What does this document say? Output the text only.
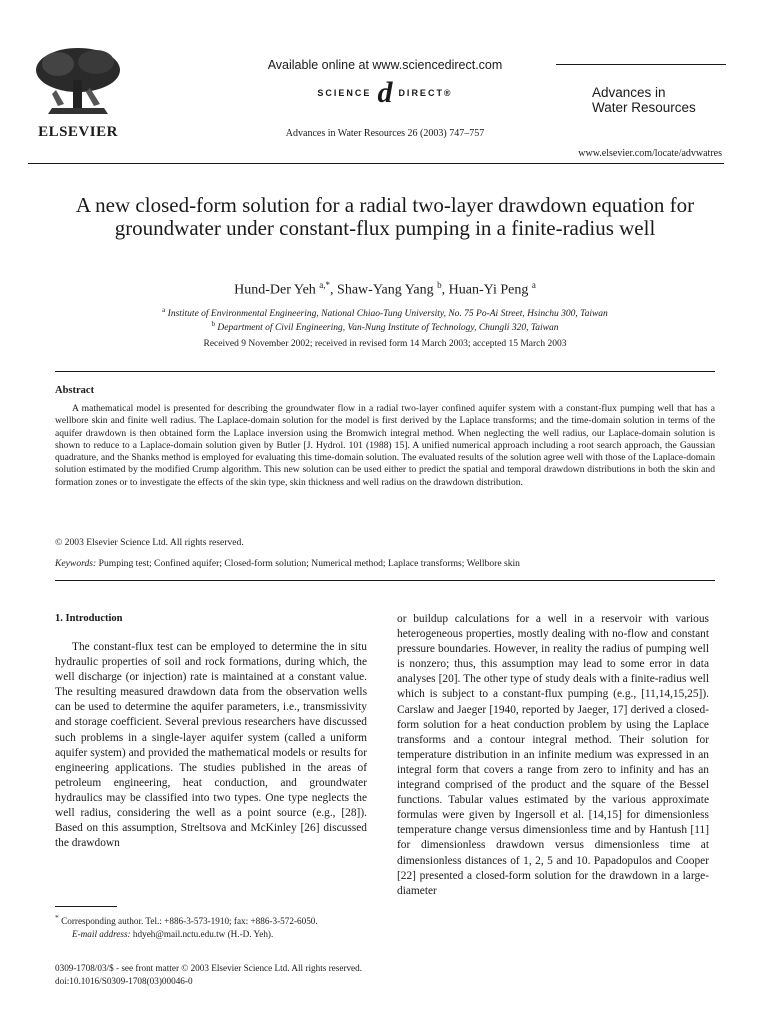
ELSEVIER
Available online at www.sciencedirect.com
SCIENCE d DIRECT®
Advances in Water Resources 26 (2003) 747–757
Advances in
Water Resources
www.elsevier.com/locate/advwatres
A new closed-form solution for a radial two-layer drawdown equation for groundwater under constant-flux pumping in a finite-radius well
Hund-Der Yeh $^{a,*}$, Shaw-Yang Yang $^b$, Huan-Yi Peng $^a$
$^a$ Institute of Environmental Engineering, National Chiao-Tung University, No. 75 Po-Ai Street, Hsinchu 300, Taiwan
$^b$ Department of Civil Engineering, Van-Nung Institute of Technology, Chungli 320, Taiwan
Received 9 November 2002; received in revised form 14 March 2003; accepted 15 March 2003
Abstract
A mathematical model is presented for describing the groundwater flow in a radial two-layer confined aquifer system with a constant-flux pumping well that has a wellbore skin and finite well radius. The Laplace-domain solution for the model is first derived by the Laplace transforms; and the time-domain solution in terms of the aquifer drawdown is then obtained form the Laplace inversion using the Bromwich integral method. When neglecting the well radius, our Laplace-domain solution is shown to reduce to a Laplace-domain solution given by Butler [J. Hydrol. 101 (1988) 15]. A unified numerical approach including a root search approach, the Gaussian quadrature, and the Shanks method is employed for evaluating this time-domain solution. The evaluated results of the solution agree well with those of the Laplace-domain solution estimated by the modified Crump algorithm. This new solution can be used either to predict the spatial and temporal drawdown distributions in both the skin and formation zones or to investigate the effects of the skin type, skin thickness and well radius on the drawdown distribution.
© 2003 Elsevier Science Ltd. All rights reserved.
Keywords: Pumping test; Confined aquifer; Closed-form solution; Numerical method; Laplace transforms; Wellbore skin
1. Introduction
The constant-flux test can be employed to determine the in situ hydraulic properties of soil and rock formations, during which, the well discharge (or injection) rate is maintained at a constant value. The resulting measured drawdown data from the observation wells can be used to determine the aquifer parameters, i.e., transmissivity and storage coefficient. Several previous researchers have discussed such problems in a single-layer aquifer system (called a uniform aquifer system) and provided the mathematical models or results for engineering applications. The studies published in the areas of petroleum engineering, heat conduction, and groundwater hydraulics may be classified into two types. One type neglects the well radius, considering the well as a point source (e.g., [28]). Based on this assumption, Streltsova and McKinley [26] discussed the drawdown
or buildup calculations for a well in a reservoir with various heterogeneous properties, mostly dealing with no-flow and constant pressure boundaries. However, in reality the radius of pumping well is nonzero; thus, this assumption may lead to some error in data analyses [20]. The other type of study deals with a finite-radius well which is subject to a constant-flux pumping (e.g., [11,14,15,25]). Carslaw and Jaeger [1940, reported by Jaeger, 17] derived a closed-form solution for a heat conduction problem by using the Laplace transforms and a contour integral method. Their solution for temperature distribution in an infinite medium was expressed in an integral form that covers a range from zero to infinity and has an integrand comprised of the product and the square of the Bessel functions. Tabular values estimated by the various approximate formulas were given by Ingersoll et al. [14,15] for dimensionless temperature change versus dimensionless time and by Hantush [11] for dimensionless drawdown versus dimensionless time at dimensionless distances of 1, 2, 5 and 10. Papadopulos and Cooper [22] presented a closed-form solution for the drawdown in a large-diameter
* Corresponding author. Tel.: +886-3-573-1910; fax: +886-3-572-6050.
E-mail address: hdyeh@mail.nctu.edu.tw (H.-D. Yeh).
0309-1708/03/$ - see front matter © 2003 Elsevier Science Ltd. All rights reserved.
doi:10.1016/S0309-1708(03)00046-0
